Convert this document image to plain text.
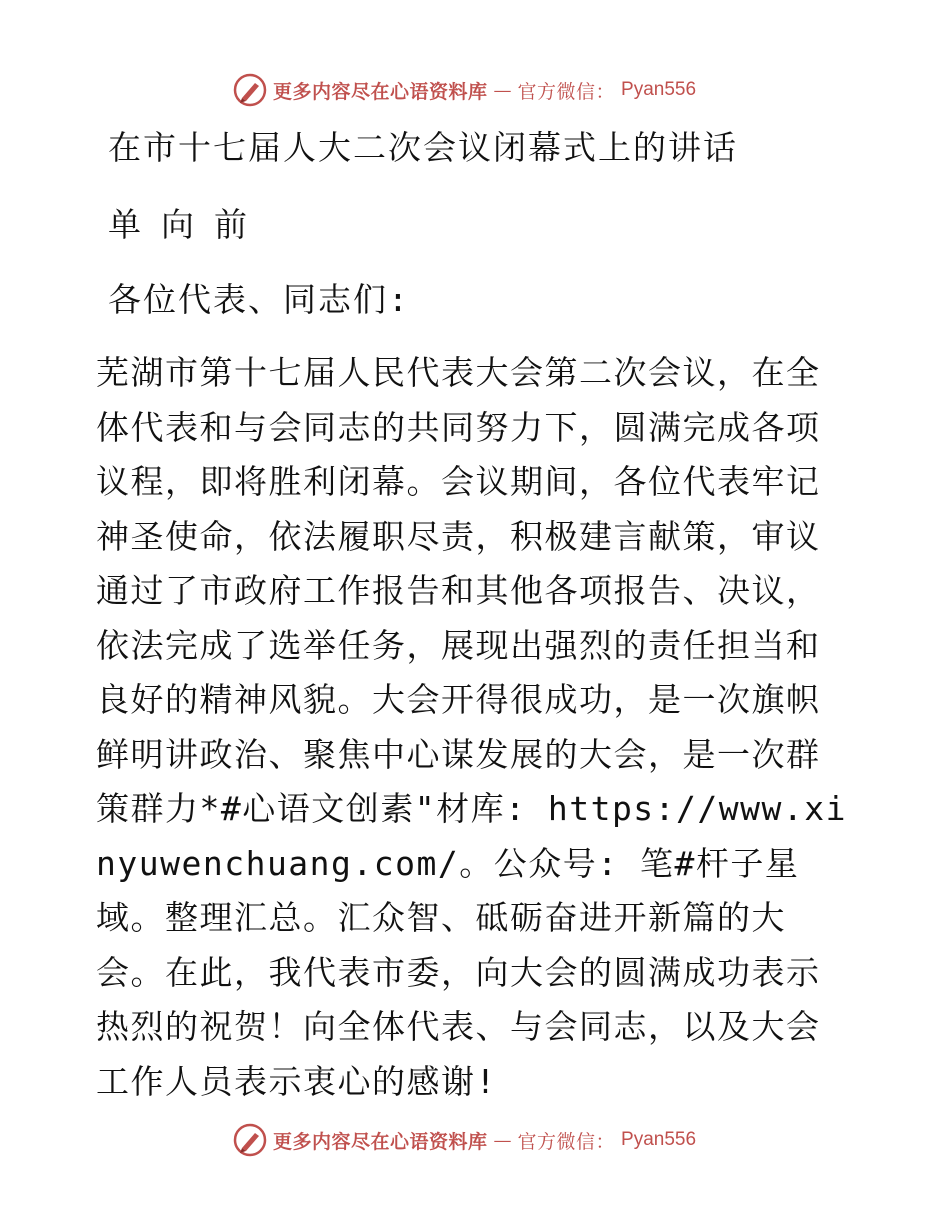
更多内容尽在心语资料库 — 官方微信： Pyan556
在市十七届人大二次会议闭幕式上的讲话
单向前
各位代表、同志们:

芜湖市第十七届人民代表大会第二次会议，在全体代表和与会同志的共同努力下，圆满完成各项议程，即将胜利闭幕。会议期间，各位代表牢记神圣使命，依法履职尽责，积极建言献策，审议通过了市政府工作报告和其他各项报告、决议，依法完成了选举任务，展现出强烈的责任担当和良好的精神风貌。大会开得很成功，是一次旗帜鲜明讲政治、聚焦中心谋发展的大会，是一次群策群力*#心语文创素"材库: https://www.xinyuwenchuang.com/。公众号: 笔#杆子星域。整理汇总。汇众智、砥砺奋进开新篇的大会。在此，我代表市委，向大会的圆满成功表示热烈的祝贺！向全体代表、与会同志，以及大会工作人员表示衷心的感谢!

更多内容尽在心语资料库 — 官方微信： Pyan556
